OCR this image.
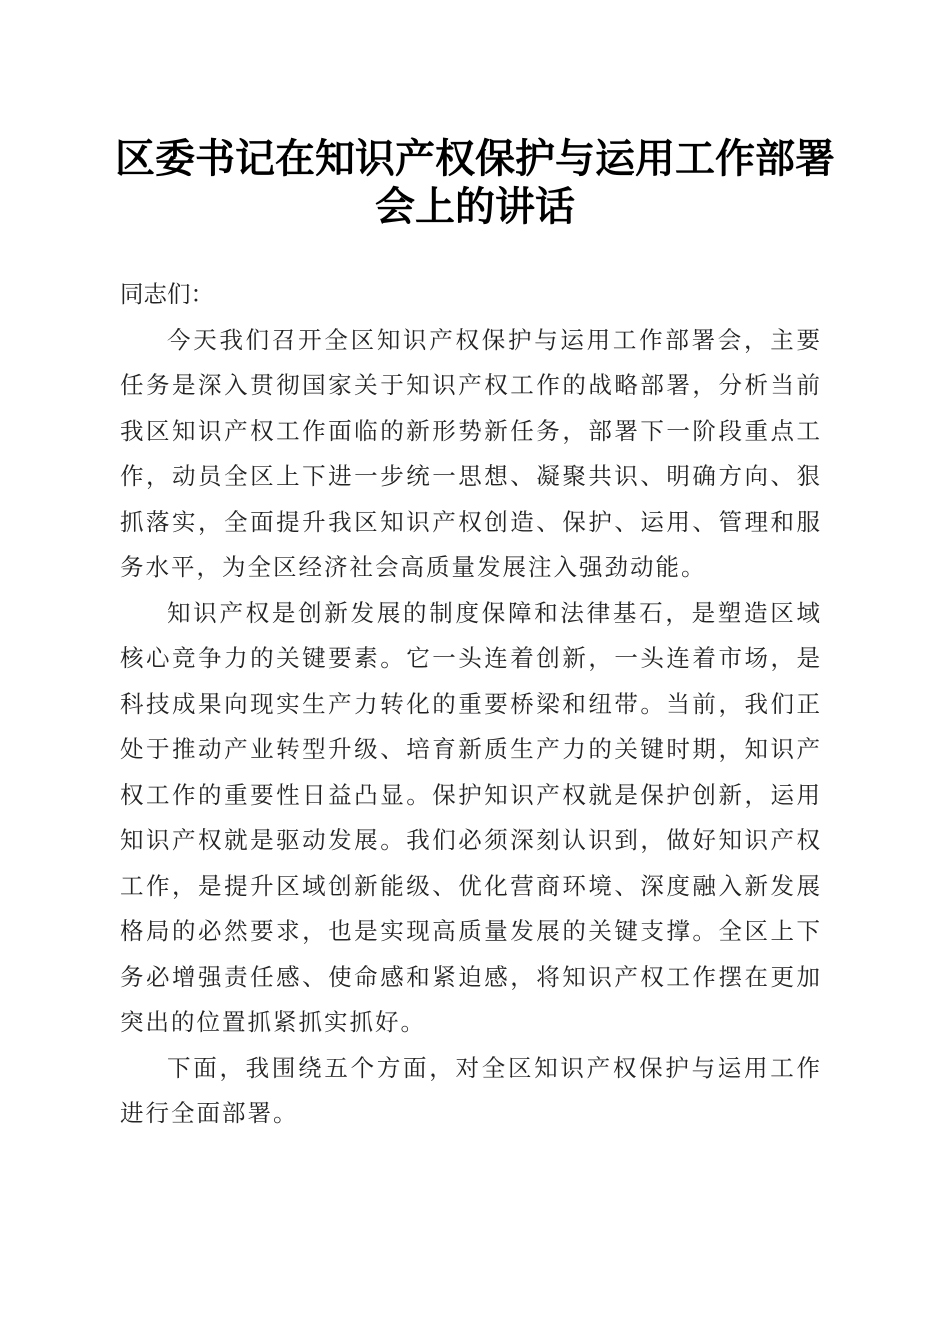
区委书记在知识产权保护与运用工作部署会上的讲话

同志们：

今天我们召开全区知识产权保护与运用工作部署会，主要任务是深入贯彻国家关于知识产权工作的战略部署，分析当前我区知识产权工作面临的新形势新任务，部署下一阶段重点工作，动员全区上下进一步统一思想、凝聚共识、明确方向、狠抓落实，全面提升我区知识产权创造、保护、运用、管理和服务水平，为全区经济社会高质量发展注入强劲动能。

知识产权是创新发展的制度保障和法律基石，是塑造区域核心竞争力的关键要素。它一头连着创新，一头连着市场，是科技成果向现实生产力转化的重要桥梁和纽带。当前，我们正处于推动产业转型升级、培育新质生产力的关键时期，知识产权工作的重要性日益凸显。保护知识产权就是保护创新，运用知识产权就是驱动发展。我们必须深刻认识到，做好知识产权工作，是提升区域创新能级、优化营商环境、深度融入新发展格局的必然要求，也是实现高质量发展的关键支撑。全区上下务必增强责任感、使命感和紧迫感，将知识产权工作摆在更加突出的位置抓紧抓实抓好。

下面，我围绕五个方面，对全区知识产权保护与运用工作进行全面部署。
